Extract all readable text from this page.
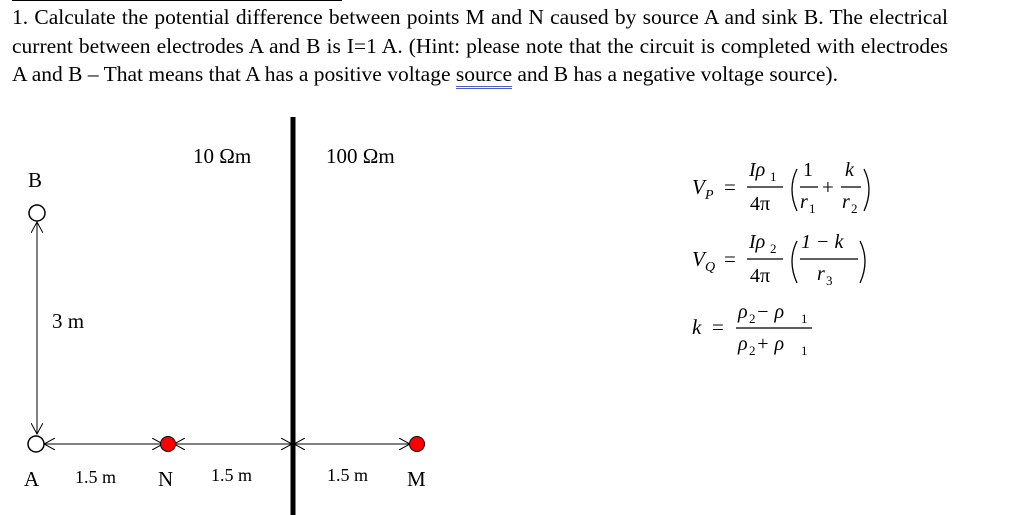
1. Calculate the potential difference between points M and N caused by source A and sink B. The electrical current between electrodes A and B is I=1 A. (Hint: please note that the circuit is completed with electrodes A and B – That means that A has a positive voltage source and B has a negative voltage source).

10 Ωm	100 Ωm
B
3 m
A 1.5 m N 1.5 m	1.5 m M
V P =
Iρ 1
4π
1
r 1
+
k
r 2
V Q =
Iρ 2
4π
1 − k
r 3
k =
ρ 2 − ρ 1
ρ 2 + ρ 1
